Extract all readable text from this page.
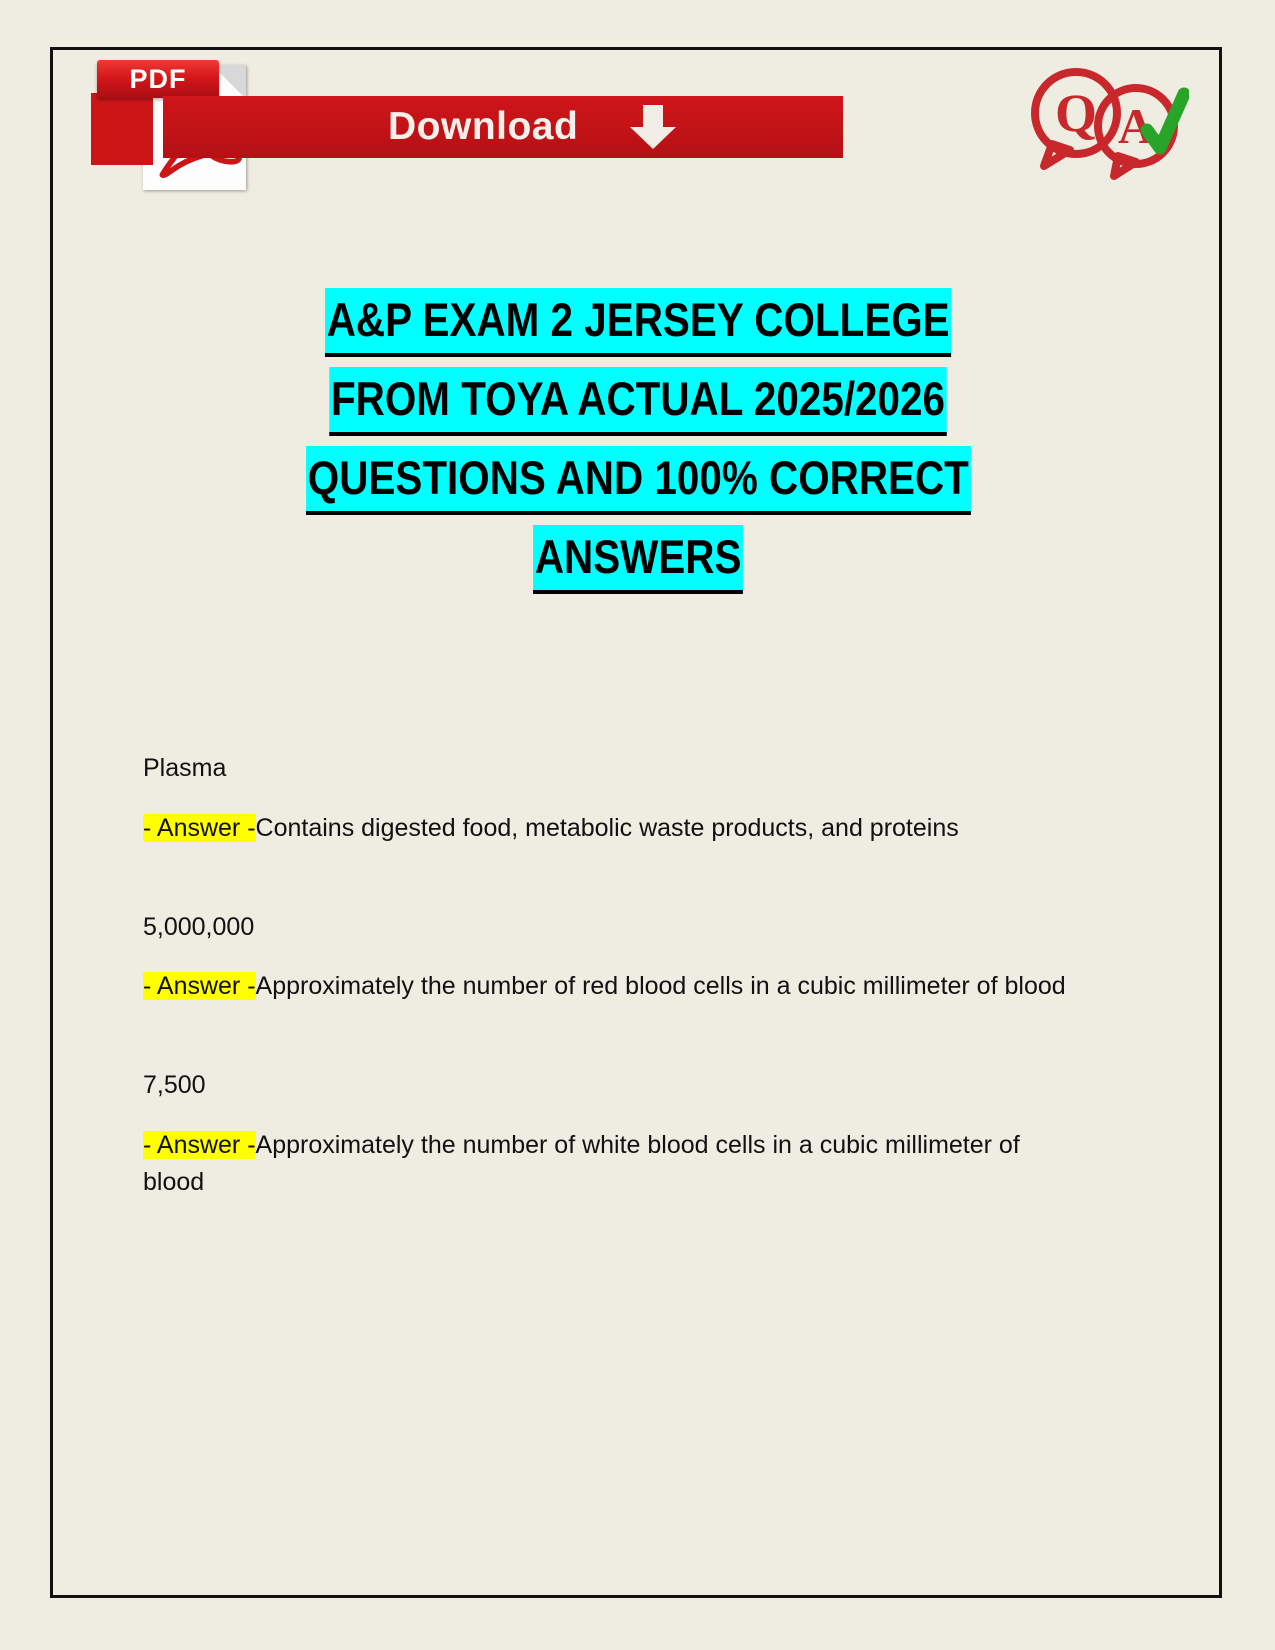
PDF
Download	Q A
A&P EXAM 2 JERSEY COLLEGE
FROM TOYA ACTUAL 2025/2026
QUESTIONS AND 100% CORRECT
ANSWERS
Plasma
- Answer -Contains digested food, metabolic waste products, and proteins
5,000,000
- Answer -Approximately the number of red blood cells in a cubic millimeter of blood
7,500
- Answer -Approximately the number of white blood cells in a cubic millimeter of blood
